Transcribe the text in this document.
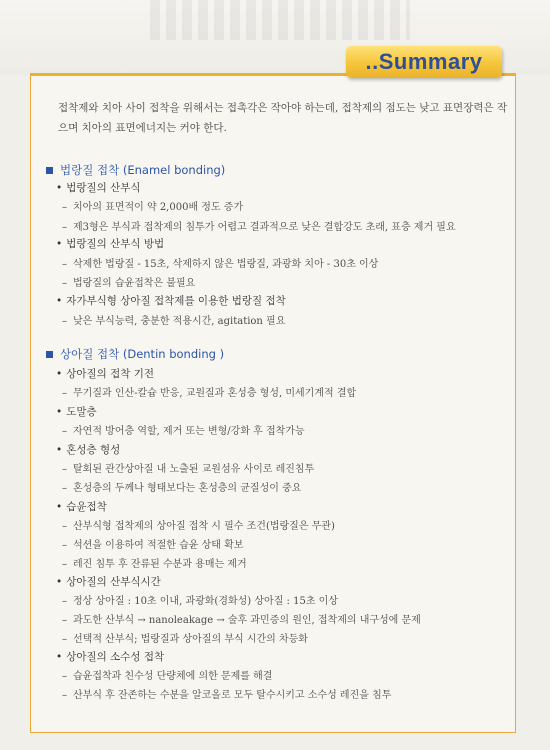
..Summary
접착제와 치아 사이 접착을 위해서는 접촉각은 작아야 하는데, 접착제의 점도는 낮고 표면장력은 작으며 치아의 표면에너지는 커야 한다.
법랑질 접착 (Enamel bonding)
• 법랑질의 산부식
– 치아의 표면적이 약 2,000배 정도 증가
– 제3형은 부식과 접착제의 침투가 어렵고 결과적으로 낮은 결합강도 초래, 표층 제거 필요
• 법랑질의 산부식 방법
– 삭제한 법랑질 - 15초, 삭제하지 않은 법랑질, 과광화 치아 - 30초 이상
– 법랑질의 습윤접착은 불필요
• 자가부식형 상아질 접착제를 이용한 법랑질 접착
– 낮은 부식능력, 충분한 적용시간, agitation 필요
상아질 접착 (Dentin bonding )
• 상아질의 접착 기전
– 무기질과 인산-칼슘 반응, 교원질과 혼성층 형성, 미세기계적 결합
• 도말층
– 자연적 방어층 역할, 제거 또는 변형/강화 후 접착가능
• 혼성층 형성
– 탈회된 관간상아질 내 노출된 교원섬유 사이로 레진침투
– 혼성층의 두께나 형태보다는 혼성층의 균질성이 중요
• 습윤접착
– 산부식형 접착제의 상아질 접착 시 필수 조건(법랑질은 무관)
– 석션을 이용하여 적절한 습윤 상태 확보
– 레진 침투 후 잔류된 수분과 용매는 제거
• 상아질의 산부식시간
– 정상 상아질 : 10초 이내, 과광화(경화성) 상아질 : 15초 이상
– 과도한 산부식 → nanoleakage → 술후 과민증의 원인, 접착제의 내구성에 문제
– 선택적 산부식; 법랑질과 상아질의 부식 시간의 차등화
• 상아질의 소수성 접착
– 습윤접착과 친수성 단량체에 의한 문제를 해결
– 산부식 후 잔존하는 수분을 알코올로 모두 탈수시키고 소수성 레진을 침투
